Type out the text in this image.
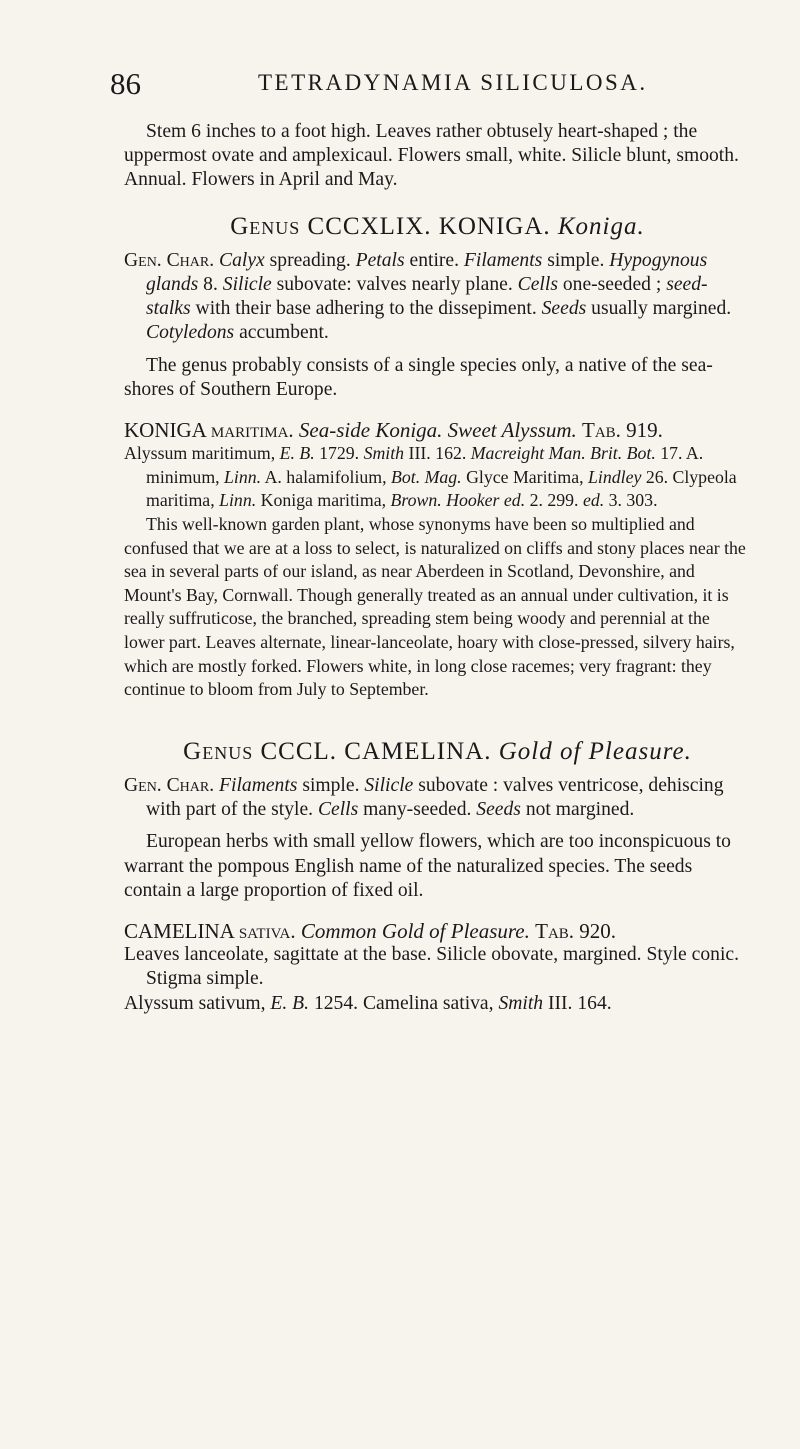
86	TETRADYNAMIA SILICULOSA.

Stem 6 inches to a foot high. Leaves rather obtusely heart-shaped ; the uppermost ovate and amplexicaul. Flowers small, white. Silicle blunt, smooth. Annual. Flowers in April and May.

Genus CCCXLIX. KONIGA. Koniga.

Gen. Char. Calyx spreading. Petals entire. Filaments simple. Hypogynous glands 8. Silicle subovate: valves nearly plane. Cells one-seeded ; seed-stalks with their base adhering to the dissepiment. Seeds usually margined. Cotyledons accumbent.

The genus probably consists of a single species only, a native of the sea-shores of Southern Europe.

KONIGA maritima. Sea-side Koniga. Sweet Alyssum. Tab. 919.

Alyssum maritimum, E. B. 1729. Smith III. 162. Macreight Man. Brit. Bot. 17. A. minimum, Linn. A. halamifolium, Bot. Mag. Glyce Maritima, Lindley 26. Clypeola maritima, Linn. Koniga maritima, Brown. Hooker ed. 2. 299. ed. 3. 303.

This well-known garden plant, whose synonyms have been so multiplied and confused that we are at a loss to select, is naturalized on cliffs and stony places near the sea in several parts of our island, as near Aberdeen in Scotland, Devonshire, and Mount's Bay, Cornwall. Though generally treated as an annual under cultivation, it is really suffruticose, the branched, spreading stem being woody and perennial at the lower part. Leaves alternate, linear-lanceolate, hoary with close-pressed, silvery hairs, which are mostly forked. Flowers white, in long close racemes; very fragrant: they continue to bloom from July to September.

Genus CCCL. CAMELINA. Gold of Pleasure.

Gen. Char. Filaments simple. Silicle subovate : valves ventricose, dehiscing with part of the style. Cells many-seeded. Seeds not margined.

European herbs with small yellow flowers, which are too inconspicuous to warrant the pompous English name of the naturalized species. The seeds contain a large proportion of fixed oil.

CAMELINA sativa. Common Gold of Pleasure. Tab. 920.

Leaves lanceolate, sagittate at the base. Silicle obovate, margined. Style conic. Stigma simple.

Alyssum sativum, E. B. 1254. Camelina sativa, Smith III. 164.
